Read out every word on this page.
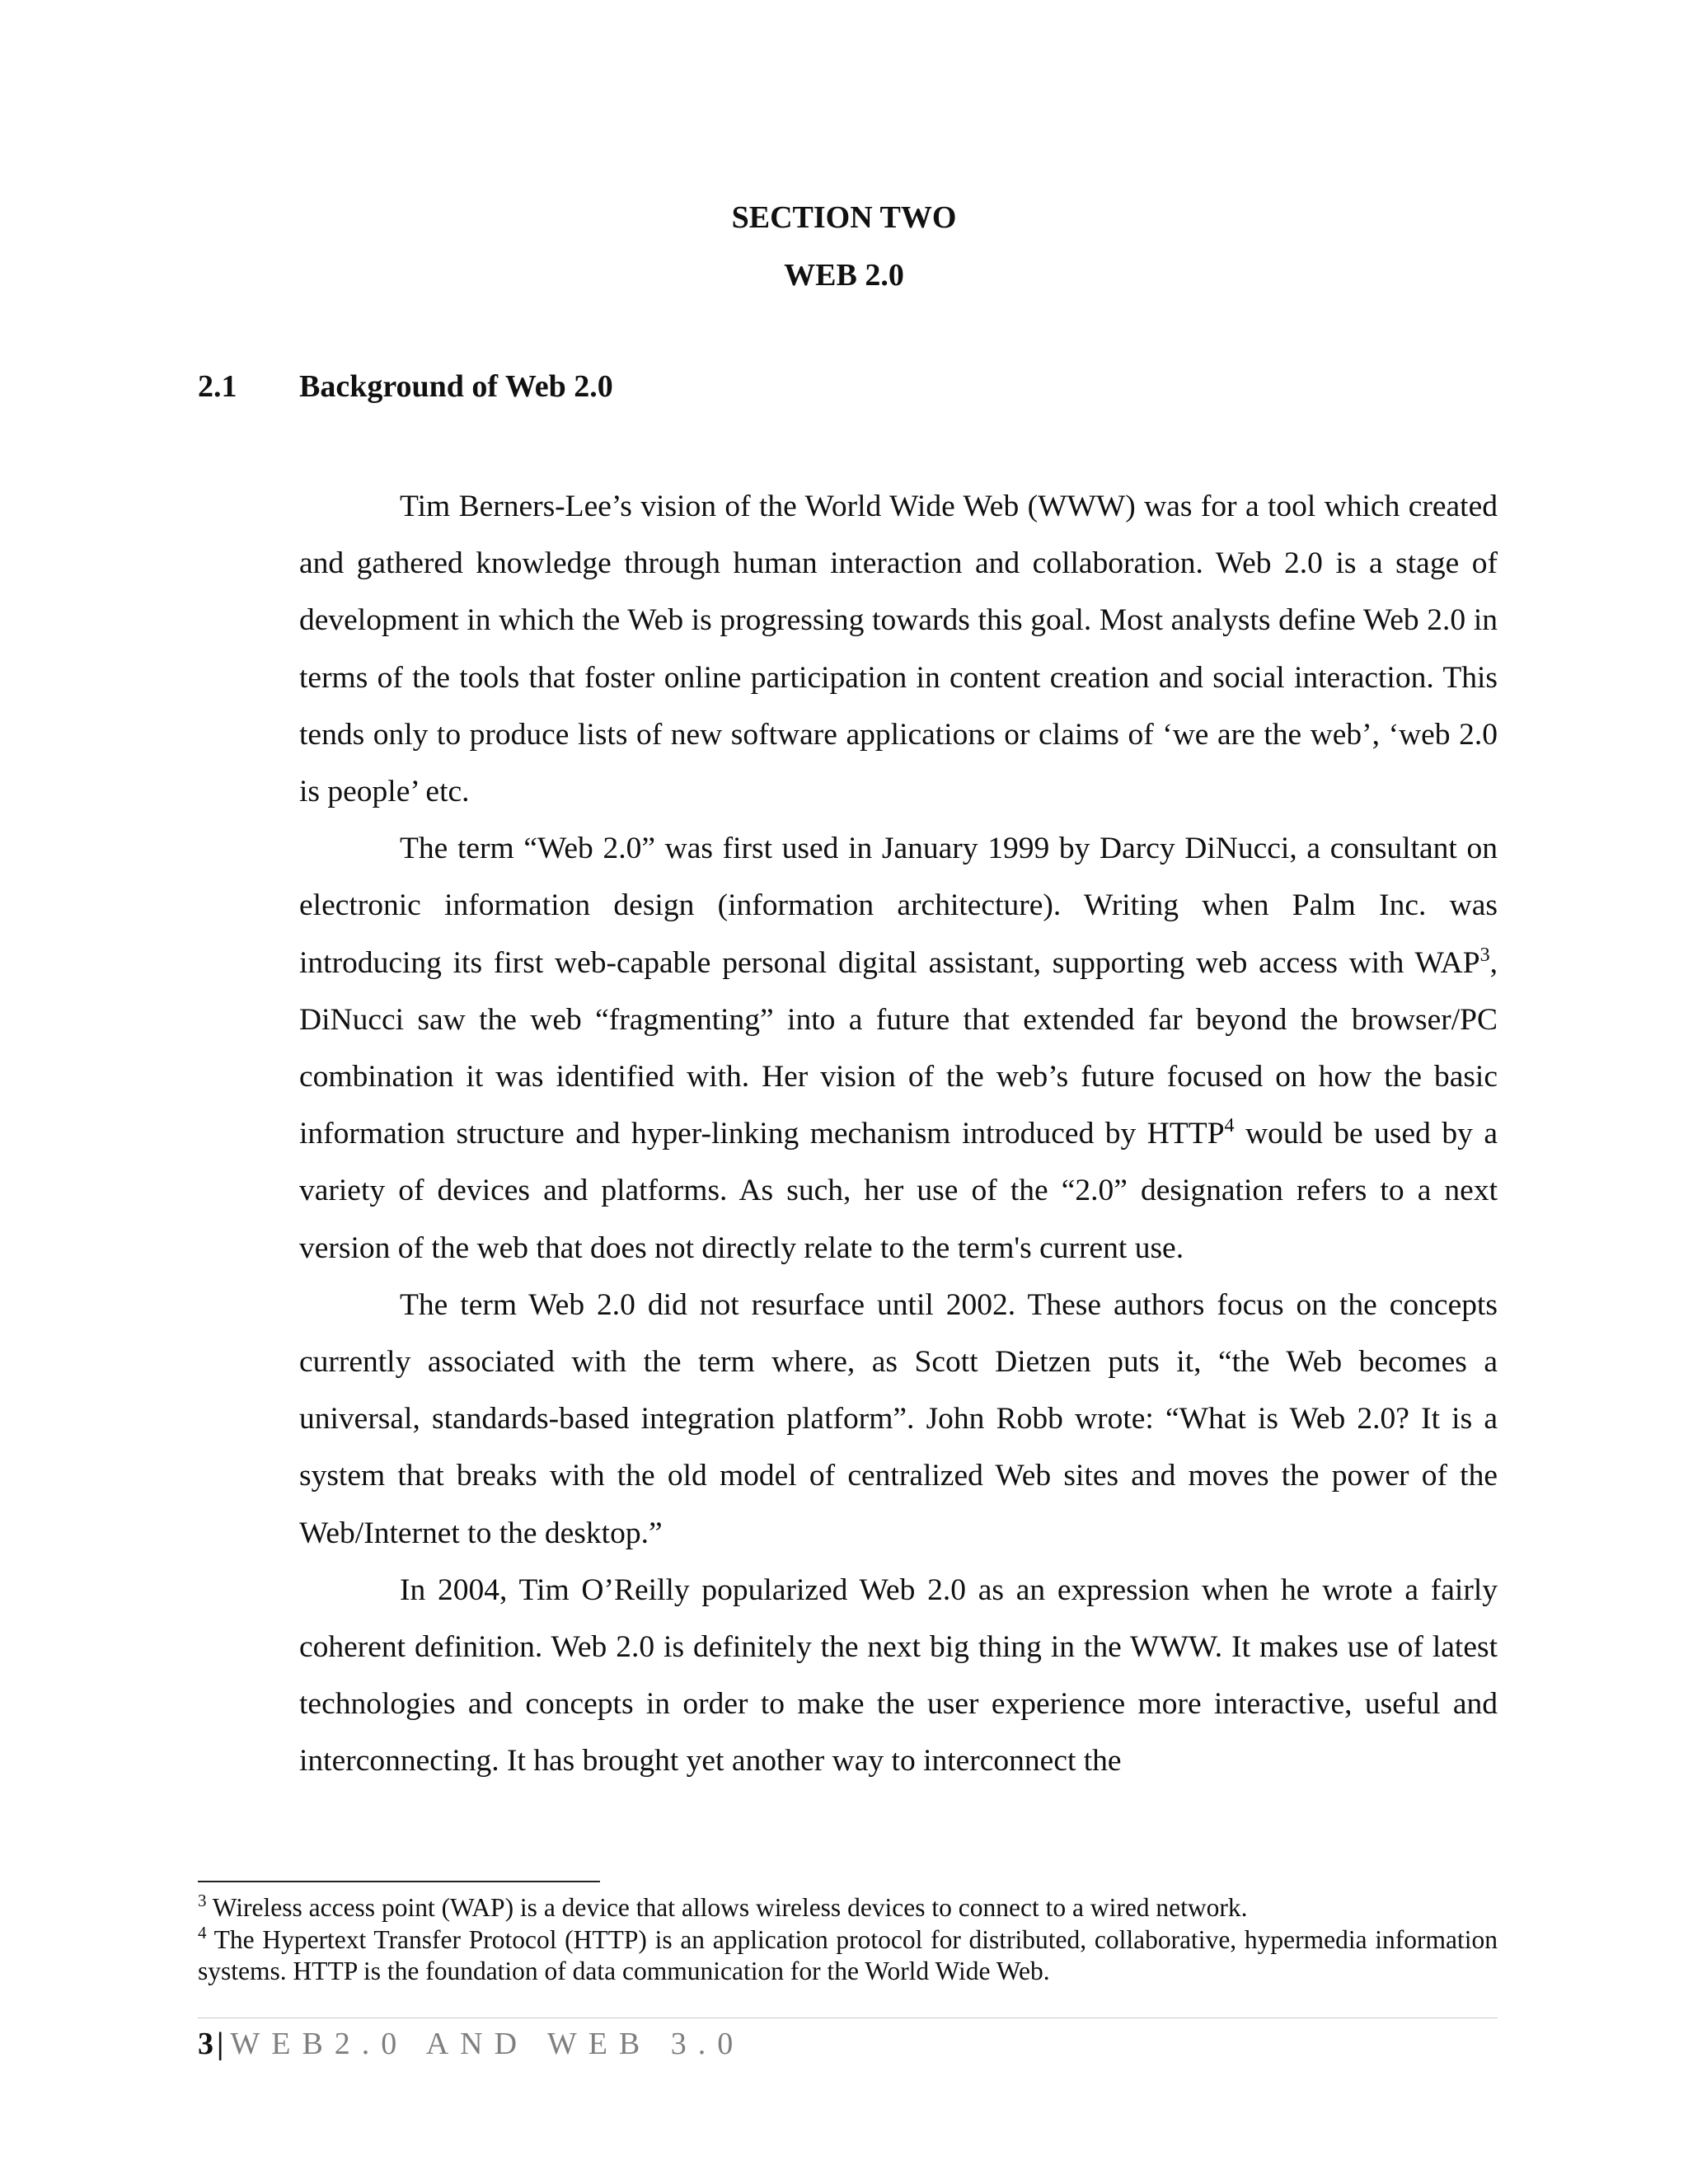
SECTION TWO
WEB 2.0
2.1 Background of Web 2.0

Tim Berners-Lee’s vision of the World Wide Web (WWW) was for a tool which created and gathered knowledge through human interaction and collaboration. Web 2.0 is a stage of development in which the Web is progressing towards this goal. Most analysts define Web 2.0 in terms of the tools that foster online participation in content creation and social interaction. This tends only to produce lists of new software applications or claims of ‘we are the web’, ‘web 2.0 is people’ etc.

The term “Web 2.0” was first used in January 1999 by Darcy DiNucci, a consultant on electronic information design (information architecture). Writing when Palm Inc. was introducing its first web-capable personal digital assistant, supporting web access with WAP$^3$, DiNucci saw the web “fragmenting” into a future that extended far beyond the browser/PC combination it was identified with. Her vision of the web’s future focused on how the basic information structure and hyper-linking mechanism introduced by HTTP$^4$ would be used by a variety of devices and platforms. As such, her use of the “2.0” designation refers to a next version of the web that does not directly relate to the term's current use.

The term Web 2.0 did not resurface until 2002. These authors focus on the concepts currently associated with the term where, as Scott Dietzen puts it, “the Web becomes a universal, standards-based integration platform”. John Robb wrote: “What is Web 2.0? It is a system that breaks with the old model of centralized Web sites and moves the power of the Web/Internet to the desktop.”

In 2004, Tim O’Reilly popularized Web 2.0 as an expression when he wrote a fairly coherent definition. Web 2.0 is definitely the next big thing in the WWW. It makes use of latest technologies and concepts in order to make the user experience more interactive, useful and interconnecting. It has brought yet another way to interconnect the

$^3$ Wireless access point (WAP) is a device that allows wireless devices to connect to a wired network.

$^4$ The Hypertext Transfer Protocol (HTTP) is an application protocol for distributed, collaborative, hypermedia information systems. HTTP is the foundation of data communication for the World Wide Web.

3 | WEB2.0 AND WEB 3.0
